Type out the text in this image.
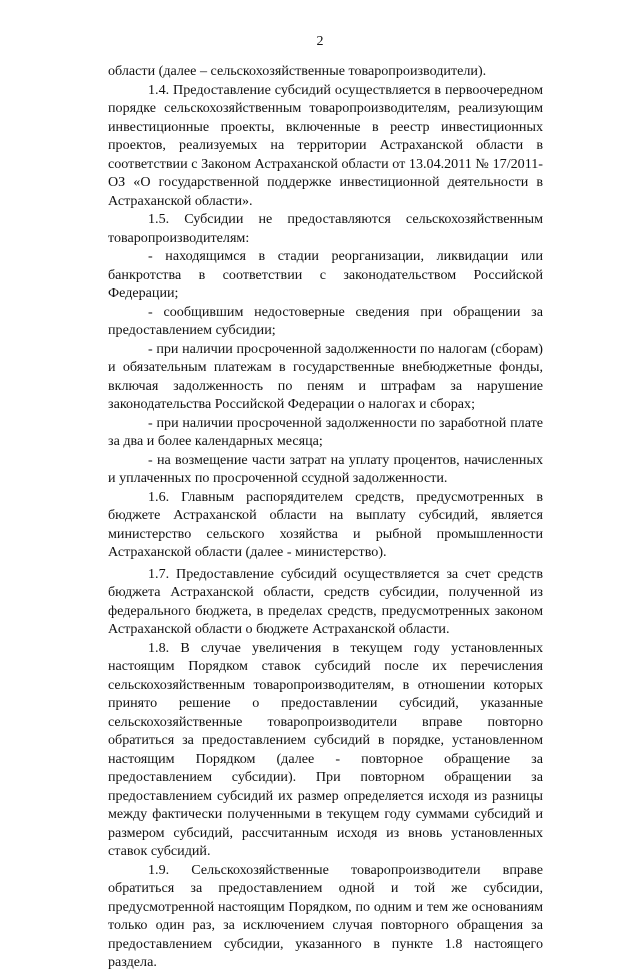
2

области (далее – сельскохозяйственные товаропроизводители).

1.4. Предоставление субсидий осуществляется в первоочередном порядке сельскохозяйственным товаропроизводителям, реализующим инвестиционные проекты, включенные в реестр инвестиционных проектов, реализуемых на территории Астраханской области в соответствии с Законом Астраханской области от 13.04.2011 № 17/2011-ОЗ «О государственной поддержке инвестиционной деятельности в Астраханской области».

1.5. Субсидии не предоставляются сельскохозяйственным товаропроизводителям:

- находящимся в стадии реорганизации, ликвидации или банкротства в соответствии с законодательством Российской Федерации;

- сообщившим недостоверные сведения при обращении за предоставлением субсидии;

- при наличии просроченной задолженности по налогам (сборам) и обязательным платежам в государственные внебюджетные фонды, включая задолженность по пеням и штрафам за нарушение законодательства Российской Федерации о налогах и сборах;

- при наличии просроченной задолженности по заработной плате за два и более календарных месяца;

- на возмещение части затрат на уплату процентов, начисленных и уплаченных по просроченной ссудной задолженности.

1.6. Главным распорядителем средств, предусмотренных в бюджете Астраханской области на выплату субсидий, является министерство сельского хозяйства и рыбной промышленности Астраханской области (далее - министерство).

1.7. Предоставление субсидий осуществляется за счет средств бюджета Астраханской области, средств субсидии, полученной из федерального бюджета, в пределах средств, предусмотренных законом Астраханской области о бюджете Астраханской области.

1.8. В случае увеличения в текущем году установленных настоящим Порядком ставок субсидий после их перечисления сельскохозяйственным товаропроизводителям, в отношении которых принято решение о предоставлении субсидий, указанные сельскохозяйственные товаропроизводители вправе повторно обратиться за предоставлением субсидий в порядке, установленном настоящим Порядком (далее - повторное обращение за предоставлением субсидии). При повторном обращении за предоставлением субсидий их размер определяется исходя из разницы между фактически полученными в текущем году суммами субсидий и размером субсидий, рассчитанным исходя из вновь установленных ставок субсидий.

1.9. Сельскохозяйственные товаропроизводители вправе обратиться за предоставлением одной и той же субсидии, предусмотренной настоящим Порядком, по одним и тем же основаниям только один раз, за исключением случая повторного обращения за предоставлением субсидии, указанного в пункте 1.8 настоящего раздела.
